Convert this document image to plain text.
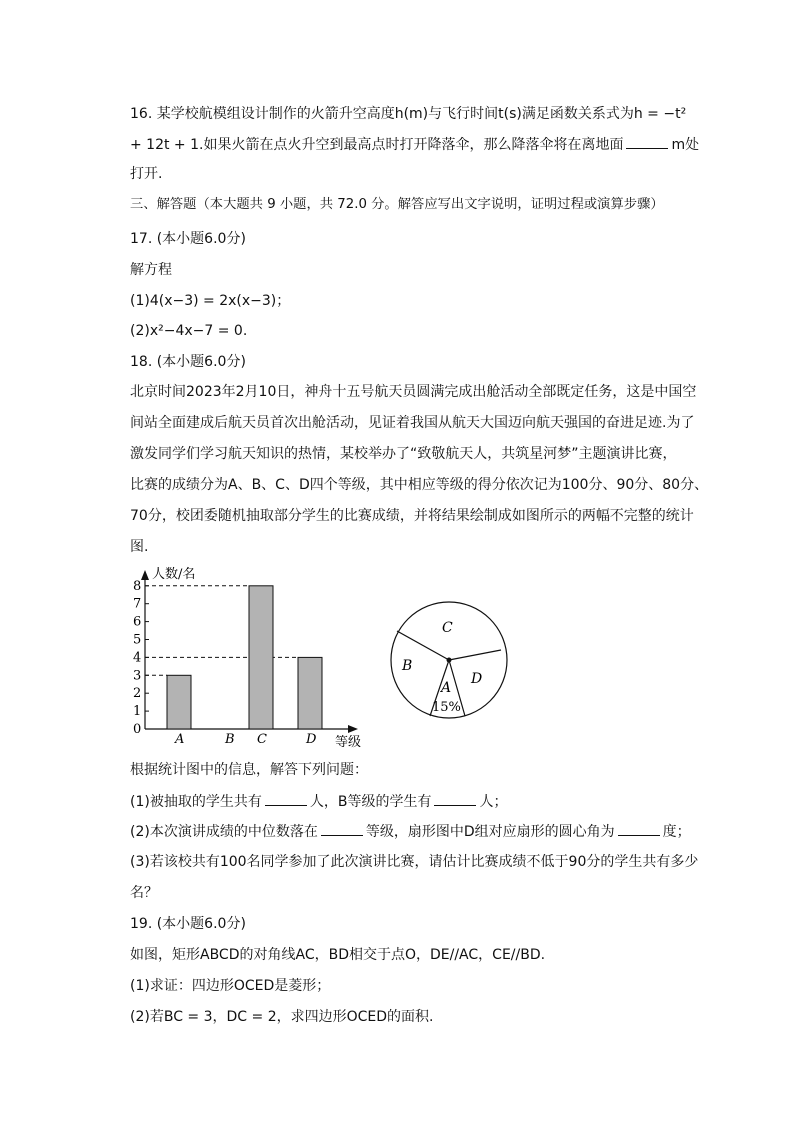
16. 某学校航模组设计制作的火箭升空高度h(m)与飞行时间t(s)满足函数关系式为h = −t²
+ 12t + 1.如果火箭在点火升空到最高点时打开降落伞，那么降落伞将在离地面	m处
打开.
三、解答题（本大题共 9 小题，共 72.0 分。解答应写出文字说明，证明过程或演算步骤）
17. (本小题6.0分)
解方程
(1)4(x−3) = 2x(x−3)；
(2)x²−4x−7 = 0.
18. (本小题6.0分)
北京时间2023年2月10日，神舟十五号航天员圆满完成出舱活动全部既定任务，这是中国空
间站全面建成后航天员首次出舱活动，见证着我国从航天大国迈向航天强国的奋进足迹.为了
激发同学们学习航天知识的热情，某校举办了“致敬航天人，共筑星河梦”主题演讲比赛，
比赛的成绩分为A、B、C、D四个等级，其中相应等级的得分依次记为100分、90分、80分、
70分，校团委随机抽取部分学生的比赛成绩，并将结果绘制成如图所示的两幅不完整的统计
图.
0
1
2
3
4
5
6
7
8
A	B C	D
人数/名
等级
C
B
A
D
15%
根据统计图中的信息，解答下列问题：
(1)被抽取的学生共有	人，B等级的学生有	人；
(2)本次演讲成绩的中位数落在	等级，扇形图中D组对应扇形的圆心角为	度；
(3)若该校共有100名同学参加了此次演讲比赛，请估计比赛成绩不低于90分的学生共有多少
名？
19. (本小题6.0分)
如图，矩形ABCD的对角线AC，BD相交于点O，DE//AC，CE//BD.
(1)求证：四边形OCED是菱形；
(2)若BC = 3，DC = 2，求四边形OCED的面积.
